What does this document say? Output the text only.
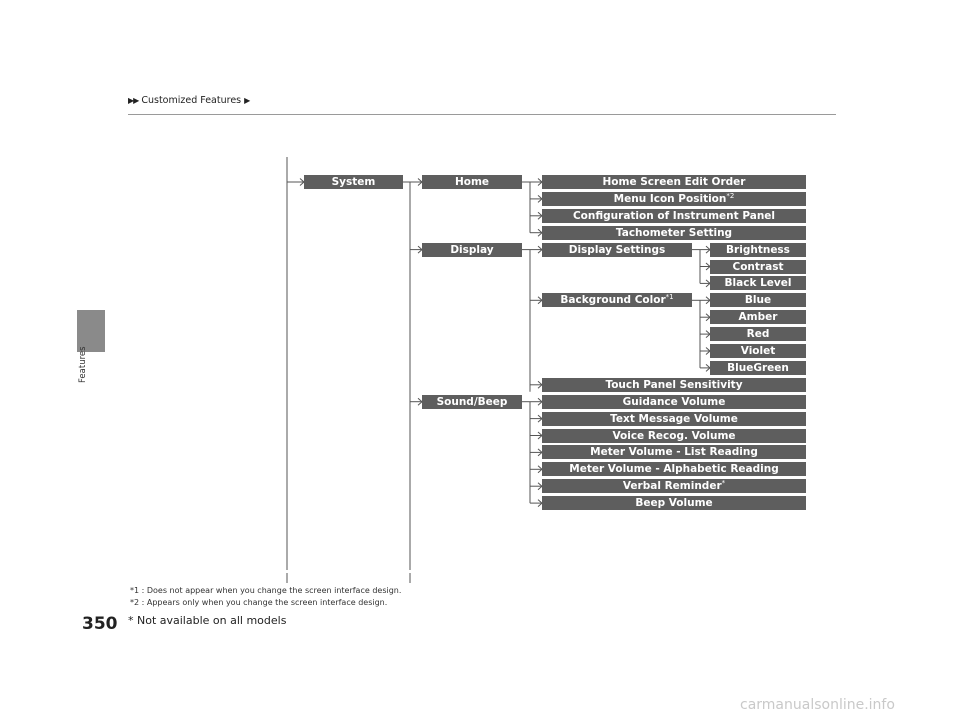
Features
▶▶ Customized Features ▶
System	Home	Home Screen Edit Order
Menu Icon Position$^{*2}$
Configuration of Instrument Panel
Tachometer Setting
Display	Display Settings	Brightness
Contrast
Black Level
Background Color$^{*1}$	Blue
Amber
Red
Violet
BlueGreen
Touch Panel Sensitivity
Sound/Beep	Guidance Volume
Text Message Volume
Voice Recog. Volume
Meter Volume - List Reading
Meter Volume - Alphabetic Reading
Verbal Reminder*
Beep Volume
*1 : Does not appear when you change the screen interface design.
*2 : Appears only when you change the screen interface design.
350 * Not available on all models
carmanualsonline.info
